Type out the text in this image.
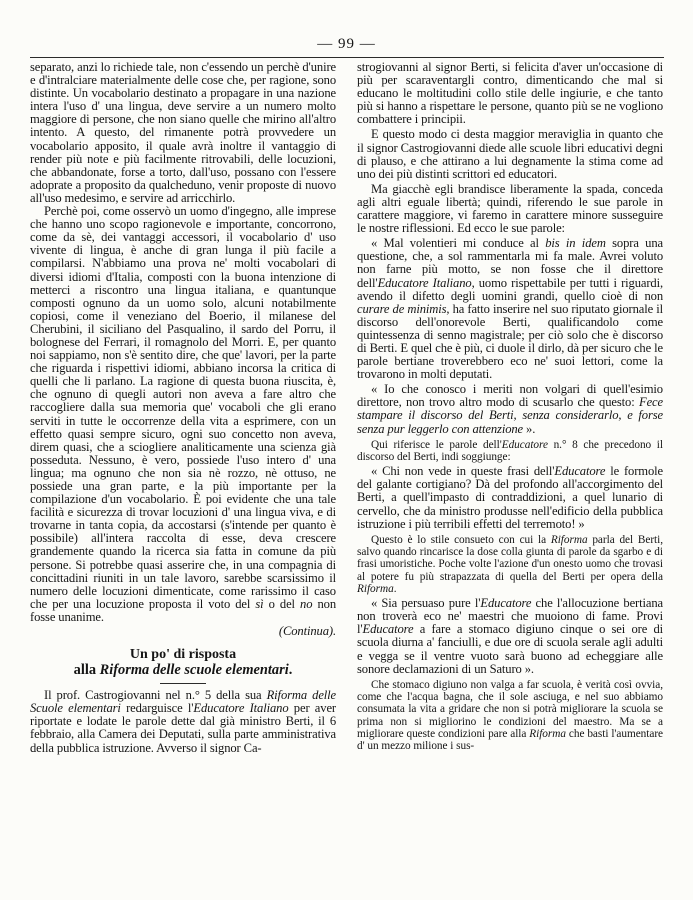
— 99 —

separato, anzi lo richiede tale, non c'essendo un perchè d'unire e d'intralciare materialmente delle cose che, per ragione, sono distinte. Un vocabolario destinato a propagare in una nazione intera l'uso d' una lingua, deve servire a un numero molto maggiore di persone, che non siano quelle che mirino all'altro intento. A questo, del rimanente potrà provvedere un vocabolario apposito, il quale avrà inoltre il vantaggio di render più note e più facilmente ritrovabili, delle locuzioni, che abbandonate, forse a torto, dall'uso, possano con l'essere adoprate a proposito da qualcheduno, venir proposte di nuovo all'uso medesimo, e servire ad arricchirlo.

Perchè poi, come osservò un uomo d'ingegno, alle imprese che hanno uno scopo ragionevole e importante, concorrono, come da sè, dei vantaggi accessori, il vocabolario d' uso vivente di lingua, è anche di gran lunga il più facile a compilarsi. N'abbiamo una prova ne' molti vocabolari di diversi idiomi d'Italia, composti con la buona intenzione di metterci a riscontro una lingua italiana, e quantunque composti ognuno da un uomo solo, alcuni notabilmente copiosi, come il veneziano del Boerio, il milanese del Cherubini, il siciliano del Pasqualino, il sardo del Porru, il bolognese del Ferrari, il romagnolo del Morri. E, per quanto noi sappiamo, non s'è sentito dire, che que' lavori, per la parte che riguarda i rispettivi idiomi, abbiano incorsa la critica di quelli che li parlano. La ragione di questa buona riuscita, è, che ognuno di quegli autori non aveva a fare altro che raccogliere dalla sua memoria que' vocaboli che gli erano serviti in tutte le occorrenze della vita a esprimere, con un effetto quasi sempre sicuro, ogni suo concetto non aveva, direm quasi, che a sciogliere analiticamente una scienza già posseduta. Nessuno, è vero, possiede l'uso intero d' una lingua; ma ognuno che non sia nè rozzo, nè ottuso, ne possiede una gran parte, e la più importante per la compilazione d'un vocabolario. È poi evidente che una tale facilità e sicurezza di trovar locuzioni d' una lingua viva, e di trovarne in tanta copia, da accostarsi (s'intende per quanto è possibile) all'intera raccolta di esse, deva crescere grandemente quando la ricerca sia fatta in comune da più persone. Si potrebbe quasi asserire che, in una compagnia di concittadini riuniti in un tale lavoro, sarebbe scarsissimo il numero delle locuzioni dimenticate, come rarissimo il caso che per una locuzione proposta il voto del sì o del no non fosse unanime.

(Continua).

Un po' di risposta
alla Riforma delle scuole elementari.

Il prof. Castrogiovanni nel n.° 5 della sua Riforma delle Scuole elementari redarguisce l'Educatore Italiano per aver riportate e lodate le parole dette dal già ministro Berti, il 6 febbraio, alla Camera dei Deputati, sulla parte amministrativa della pubblica istruzione. Avverso il signor Ca-

strogiovanni al signor Berti, si felicita d'aver un'occasione di più per scaraventargli contro, dimenticando che mal si educano le moltitudini collo stile delle ingiurie, e che tanto più si hanno a rispettare le persone, quanto più se ne vogliono combattere i principii.

E questo modo ci desta maggior meraviglia in quanto che il signor Castrogiovanni diede alle scuole libri educativi degni di plauso, e che attirano a lui degnamente la stima come ad uno dei più distinti scrittori ed educatori.

Ma giacchè egli brandisce liberamente la spada, conceda agli altri eguale libertà; quindi, riferendo le sue parole in carattere maggiore, vi faremo in carattere minore susseguire le nostre riflessioni. Ed ecco le sue parole:

« Mal volentieri mi conduce al bis in idem sopra una questione, che, a sol rammentarla mi fa male. Avrei voluto non farne più motto, se non fosse che il direttore dell'Educatore Italiano, uomo rispettabile per tutti i riguardi, avendo il difetto degli uomini grandi, quello cioè di non curare de minimis, ha fatto inserire nel suo riputato giornale il discorso dell'onorevole Berti, qualificandolo come quintessenza di senno magistrale; per ciò solo che è discorso di Berti. E quel che è più, ci duole il dirlo, dà per sicuro che le parole bertiane troverebbero eco ne' suoi lettori, come la trovarono in molti deputati.

« Io che conosco i meriti non volgari di quell'esimio direttore, non trovo altro modo di scusarlo che questo: Fece stampare il discorso del Berti, senza considerarlo, e forse senza pur leggerlo con attenzione ».

Qui riferisce le parole dell'Educatore n.° 8 che precedono il discorso del Berti, indi soggiunge:

« Chi non vede in queste frasi dell'Educatore le formole del galante cortigiano? Dà del profondo all'accorgimento del Berti, a quell'impasto di contraddizioni, a quel lunario di cervello, che da ministro produsse nell'edificio della pubblica istruzione i più terribili effetti del terremoto! »

Questo è lo stile consueto con cui la Riforma parla del Berti, salvo quando rincarisce la dose colla giunta di parole da sgarbo e di frasi umoristiche. Poche volte l'azione d'un onesto uomo che trovasi al potere fu più strapazzata di quella del Berti per opera della Riforma.

« Sia persuaso pure l'Educatore che l'allocuzione bertiana non troverà eco ne' maestri che muoiono di fame. Provi l'Educatore a fare a stomaco digiuno cinque o sei ore di scuola diurna a' fanciulli, e due ore di scuola serale agli adulti e vegga se il ventre vuoto sarà buono ad echeggiare alle sonore declamazioni di un Saturo ».

Che stomaco digiuno non valga a far scuola, è verità così ovvia, come che l'acqua bagna, che il sole asciuga, e nel suo abbiamo consumata la vita a gridare che non si potrà migliorare la scuola se prima non si migliorino le condizioni del maestro. Ma se a migliorare queste condizioni pare alla Riforma che basti l'aumentare d' un mezzo milione i sus-
